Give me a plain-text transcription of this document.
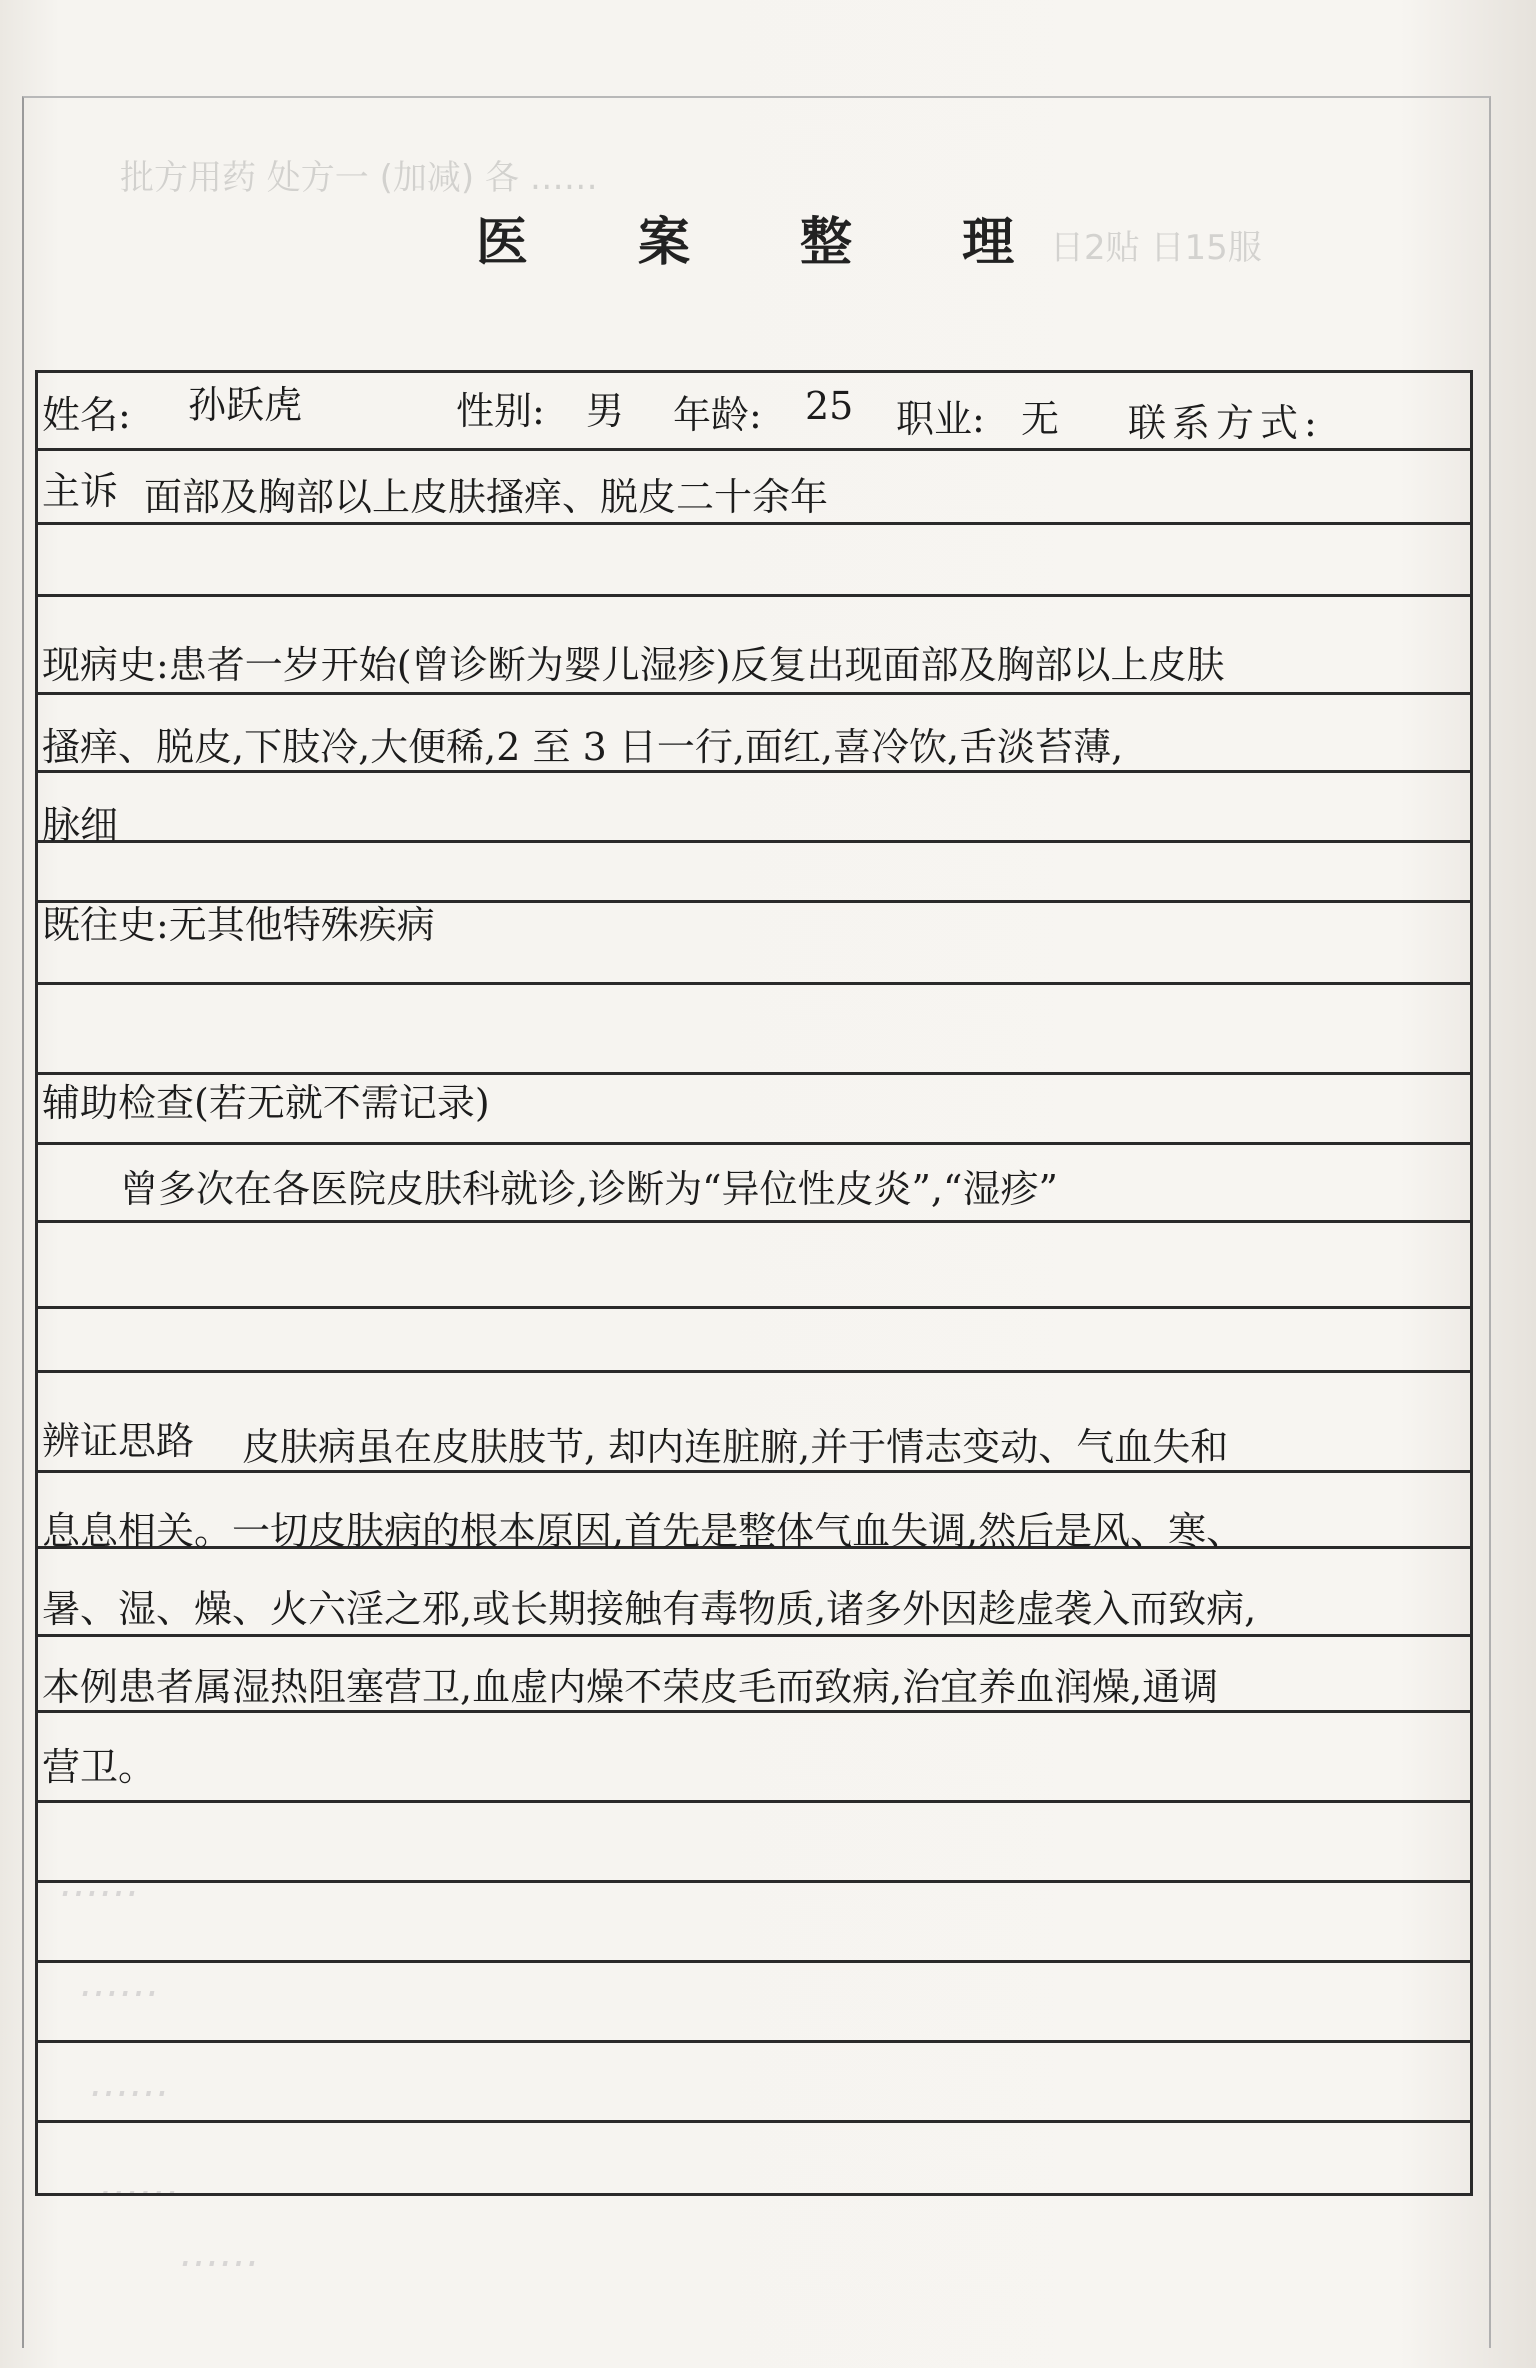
批方用药 处方一 (加减) 各 ……
日2贴 日15服
……
……
……
……
……
医 案 整 理
姓名: 孙跃虎	性别: 男 年龄: 25 职业: 无 联系方式:
主诉 面部及胸部以上皮肤搔痒、脱皮二十余年
现病史:患者一岁开始(曾诊断为婴儿湿疹)反复出现面部及胸部以上皮肤
搔痒、脱皮,下肢冷,大便稀,2 至 3 日一行,面红,喜冷饮,舌淡苔薄,
脉细
既往史:无其他特殊疾病
辅助检查(若无就不需记录)
曾多次在各医院皮肤科就诊,诊断为“异位性皮炎”,“湿疹”
辨证思路 皮肤病虽在皮肤肢节, 却内连脏腑,并于情志变动、气血失和
息息相关。一切皮肤病的根本原因,首先是整体气血失调,然后是风、寒、
暑、湿、燥、火六淫之邪,或长期接触有毒物质,诸多外因趁虚袭入而致病,
本例患者属湿热阻塞营卫,血虚内燥不荣皮毛而致病,治宜养血润燥,通调
营卫。
